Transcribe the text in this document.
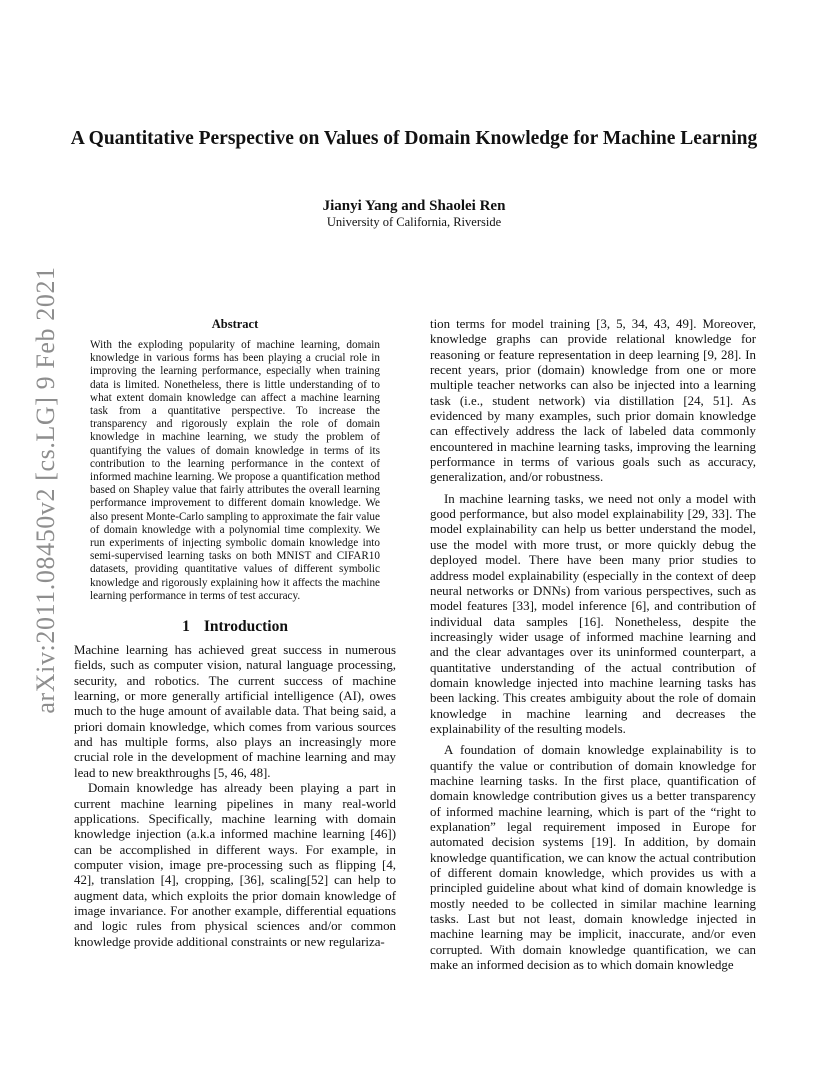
arXiv:2011.08450v2 [cs.LG] 9 Feb 2021
A Quantitative Perspective on Values of Domain Knowledge for Machine Learning
Jianyi Yang and Shaolei Ren
University of California, Riverside
Abstract

With the exploding popularity of machine learning, domain knowledge in various forms has been playing a crucial role in improving the learning performance, especially when training data is limited. Nonetheless, there is little understanding of to what extent domain knowledge can affect a machine learning task from a quantitative perspective. To increase the transparency and rigorously explain the role of domain knowledge in machine learning, we study the problem of quantifying the values of domain knowledge in terms of its contribution to the learning performance in the context of informed machine learning. We propose a quantification method based on Shapley value that fairly attributes the overall learning performance improvement to different domain knowledge. We also present Monte-Carlo sampling to approximate the fair value of domain knowledge with a polynomial time complexity. We run experiments of injecting symbolic domain knowledge into semi-supervised learning tasks on both MNIST and CIFAR10 datasets, providing quantitative values of different symbolic knowledge and rigorously explaining how it affects the machine learning performance in terms of test accuracy.

1 Introduction

Machine learning has achieved great success in numerous fields, such as computer vision, natural language processing, security, and robotics. The current success of machine learning, or more generally artificial intelligence (AI), owes much to the huge amount of available data. That being said, a priori domain knowledge, which comes from various sources and has multiple forms, also plays an increasingly more crucial role in the development of machine learning and may lead to new breakthroughs [5, 46, 48].

Domain knowledge has already been playing a part in current machine learning pipelines in many real-world applications. Specifically, machine learning with domain knowledge injection (a.k.a informed machine learning [46]) can be accomplished in different ways. For example, in computer vision, image pre-processing such as flipping [4, 42], translation [4], cropping, [36], scaling[52] can help to augment data, which exploits the prior domain knowledge of image invariance. For another example, differential equations and logic rules from physical sciences and/or common knowledge provide additional constraints or new regulariza-

tion terms for model training [3, 5, 34, 43, 49]. Moreover, knowledge graphs can provide relational knowledge for reasoning or feature representation in deep learning [9, 28]. In recent years, prior (domain) knowledge from one or more multiple teacher networks can also be injected into a learning task (i.e., student network) via distillation [24, 51]. As evidenced by many examples, such prior domain knowledge can effectively address the lack of labeled data commonly encountered in machine learning tasks, improving the learning performance in terms of various goals such as accuracy, generalization, and/or robustness.

In machine learning tasks, we need not only a model with good performance, but also model explainability [29, 33]. The model explainability can help us better understand the model, use the model with more trust, or more quickly debug the deployed model. There have been many prior studies to address model explainability (especially in the context of deep neural networks or DNNs) from various perspectives, such as model features [33], model inference [6], and contribution of individual data samples [16]. Nonetheless, despite the increasingly wider usage of informed machine learning and and the clear advantages over its uninformed counterpart, a quantitative understanding of the actual contribution of domain knowledge injected into machine learning tasks has been lacking. This creates ambiguity about the role of domain knowledge in machine learning and decreases the explainability of the resulting models.

A foundation of domain knowledge explainability is to quantify the value or contribution of domain knowledge for machine learning tasks. In the first place, quantification of domain knowledge contribution gives us a better transparency of informed machine learning, which is part of the “right to explanation” legal requirement imposed in Europe for automated decision systems [19]. In addition, by domain knowledge quantification, we can know the actual contribution of different domain knowledge, which provides us with a principled guideline about what kind of domain knowledge is mostly needed to be collected in similar machine learning tasks. Last but not least, domain knowledge injected in machine learning may be implicit, inaccurate, and/or even corrupted. With domain knowledge quantification, we can make an informed decision as to which domain knowledge
